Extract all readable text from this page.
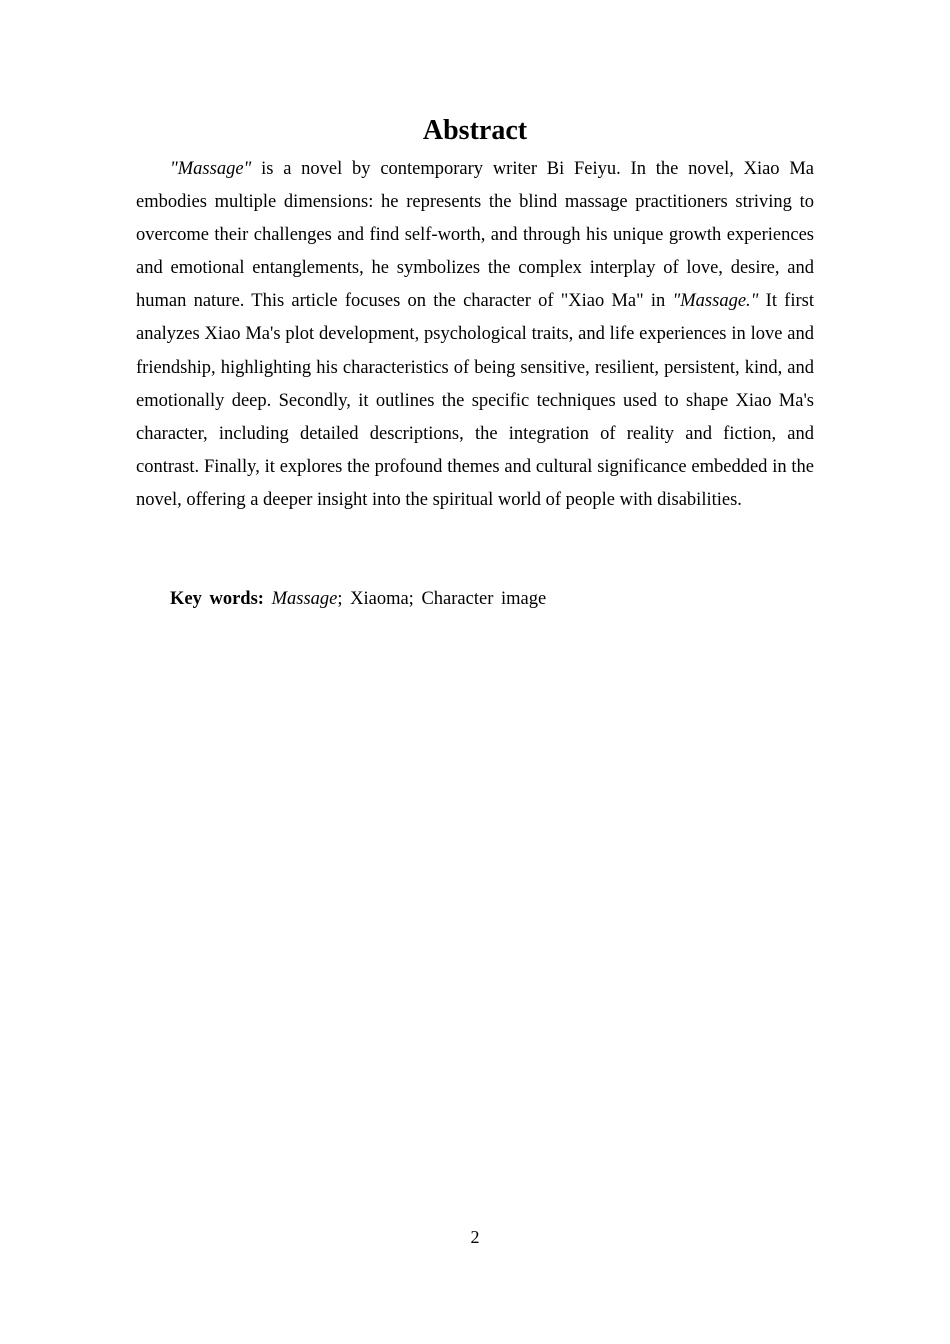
Abstract

"Massage" is a novel by contemporary writer Bi Feiyu. In the novel, Xiao Ma embodies multiple dimensions: he represents the blind massage practitioners striving to overcome their challenges and find self-worth, and through his unique growth experiences and emotional entanglements, he symbolizes the complex interplay of love, desire, and human nature. This article focuses on the character of "Xiao Ma" in "Massage." It first analyzes Xiao Ma's plot development, psychological traits, and life experiences in love and friendship, highlighting his characteristics of being sensitive, resilient, persistent, kind, and emotionally deep. Secondly, it outlines the specific techniques used to shape Xiao Ma's character, including detailed descriptions, the integration of reality and fiction, and contrast. Finally, it explores the profound themes and cultural significance embedded in the novel, offering a deeper insight into the spiritual world of people with disabilities.

Key words: Massage; Xiaoma; Character image

2
